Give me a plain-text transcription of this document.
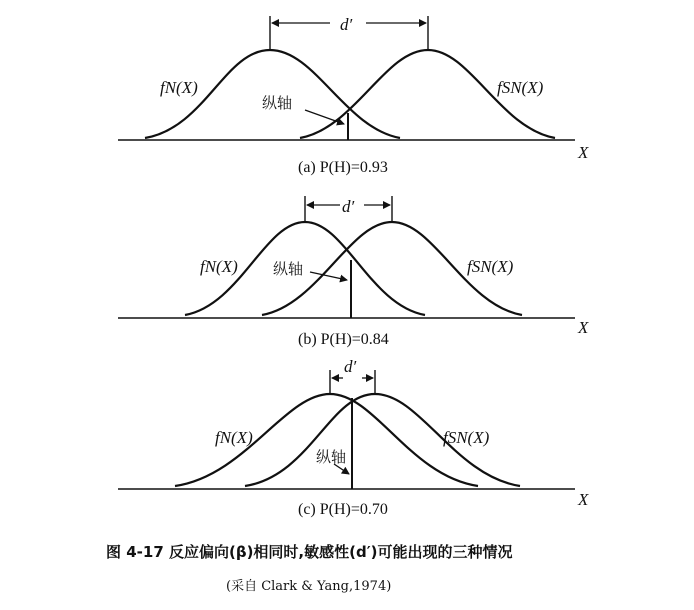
d′
fN(X)	fSN(X)
纵轴
X
(a) P(H)=0.93
d′
fN(X)	fSN(X)
纵轴
X
(b) P(H)=0.84
d′
fN(X)	fSN(X)
纵轴
X
(c) P(H)=0.70
图 4-17 反应偏向(β)相同时,敏感性(d′)可能出现的三种情况
(采自 Clark & Yang,1974)
